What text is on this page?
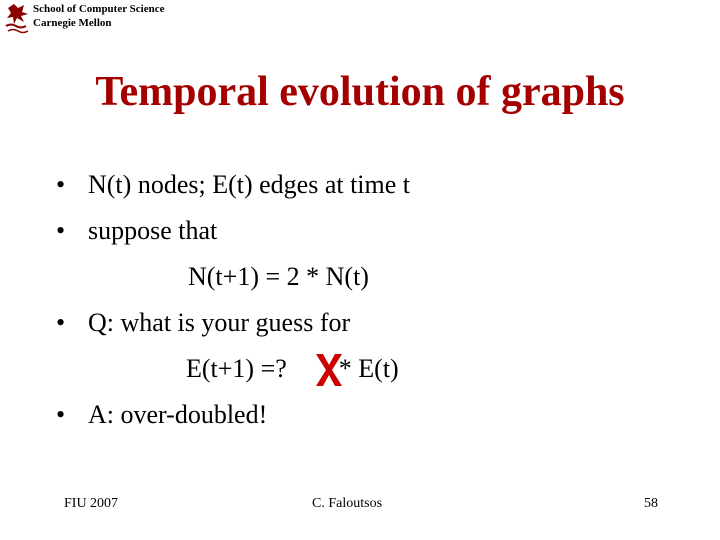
School of Computer Science
Carnegie Mellon
Temporal evolution of graphs
• N(t) nodes; E(t) edges at time t
• suppose that
N(t+1) = 2 * N(t)
• Q: what is your guess for
E(t+1) =? * E(t)
• A: over-doubled!
FIU 2007	C. Faloutsos	58
